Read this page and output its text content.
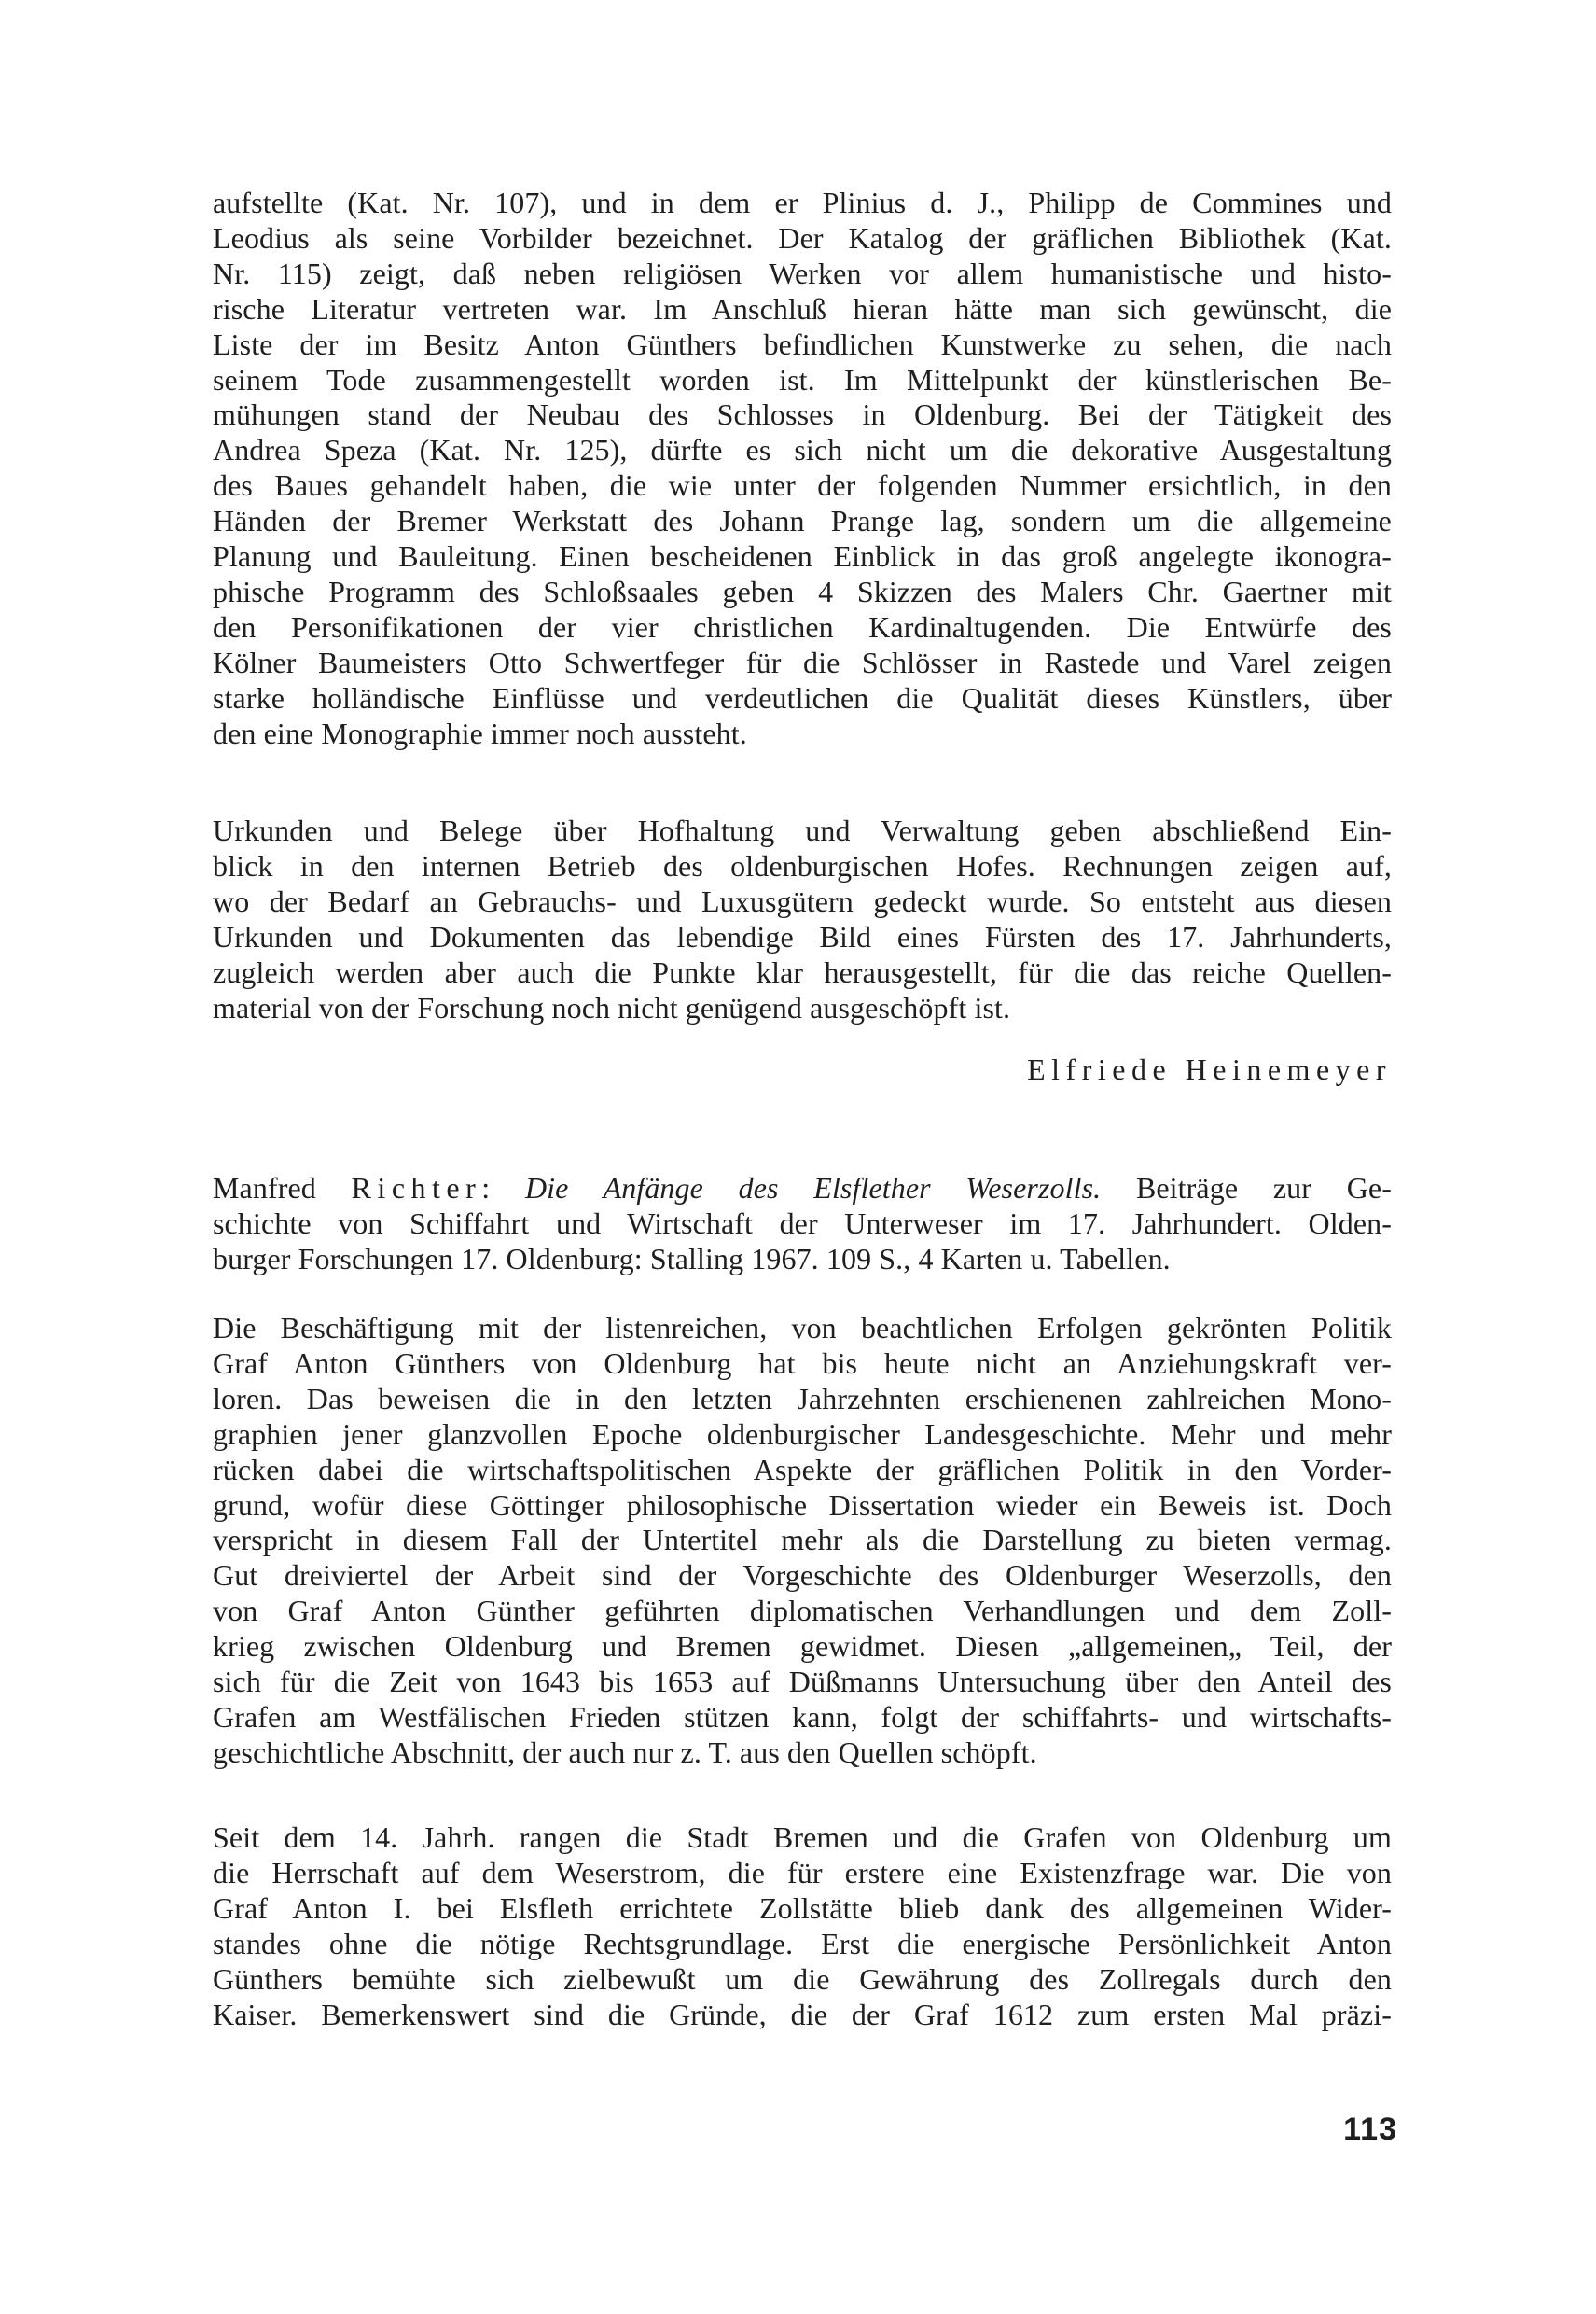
aufstellte (Kat. Nr. 107), und in dem er Plinius d. J., Philipp de Commines und
Leodius als seine Vorbilder bezeichnet. Der Katalog der gräflichen Bibliothek (Kat.
Nr. 115) zeigt, daß neben religiösen Werken vor allem humanistische und histo-
rische Literatur vertreten war. Im Anschluß hieran hätte man sich gewünscht, die
Liste der im Besitz Anton Günthers befindlichen Kunstwerke zu sehen, die nach
seinem Tode zusammengestellt worden ist. Im Mittelpunkt der künstlerischen Be-
mühungen stand der Neubau des Schlosses in Oldenburg. Bei der Tätigkeit des
Andrea Speza (Kat. Nr. 125), dürfte es sich nicht um die dekorative Ausgestaltung
des Baues gehandelt haben, die wie unter der folgenden Nummer ersichtlich, in den
Händen der Bremer Werkstatt des Johann Prange lag, sondern um die allgemeine
Planung und Bauleitung. Einen bescheidenen Einblick in das groß angelegte ikonogra-
phische Programm des Schloßsaales geben 4 Skizzen des Malers Chr. Gaertner mit
den Personifikationen der vier christlichen Kardinaltugenden. Die Entwürfe des
Kölner Baumeisters Otto Schwertfeger für die Schlösser in Rastede und Varel zeigen
starke holländische Einflüsse und verdeutlichen die Qualität dieses Künstlers, über
den eine Monographie immer noch aussteht.

Urkunden und Belege über Hofhaltung und Verwaltung geben abschließend Ein-
blick in den internen Betrieb des oldenburgischen Hofes. Rechnungen zeigen auf,
wo der Bedarf an Gebrauchs- und Luxusgütern gedeckt wurde. So entsteht aus diesen
Urkunden und Dokumenten das lebendige Bild eines Fürsten des 17. Jahrhunderts,
zugleich werden aber auch die Punkte klar herausgestellt, für die das reiche Quellen-
material von der Forschung noch nicht genügend ausgeschöpft ist.

Elfriede Heinemeyer

Manfred Richter: Die Anfänge des Elsflether Weserzolls. Beiträge zur Ge-
schichte von Schiffahrt und Wirtschaft der Unterweser im 17. Jahrhundert. Olden-
burger Forschungen 17. Oldenburg: Stalling 1967. 109 S., 4 Karten u. Tabellen.

Die Beschäftigung mit der listenreichen, von beachtlichen Erfolgen gekrönten Politik
Graf Anton Günthers von Oldenburg hat bis heute nicht an Anziehungskraft ver-
loren. Das beweisen die in den letzten Jahrzehnten erschienenen zahlreichen Mono-
graphien jener glanzvollen Epoche oldenburgischer Landesgeschichte. Mehr und mehr
rücken dabei die wirtschaftspolitischen Aspekte der gräflichen Politik in den Vorder-
grund, wofür diese Göttinger philosophische Dissertation wieder ein Beweis ist. Doch
verspricht in diesem Fall der Untertitel mehr als die Darstellung zu bieten vermag.
Gut dreiviertel der Arbeit sind der Vorgeschichte des Oldenburger Weserzolls, den
von Graf Anton Günther geführten diplomatischen Verhandlungen und dem Zoll-
krieg zwischen Oldenburg und Bremen gewidmet. Diesen „allgemeinen„ Teil, der
sich für die Zeit von 1643 bis 1653 auf Düßmanns Untersuchung über den Anteil des
Grafen am Westfälischen Frieden stützen kann, folgt der schiffahrts- und wirtschafts-
geschichtliche Abschnitt, der auch nur z. T. aus den Quellen schöpft.

Seit dem 14. Jahrh. rangen die Stadt Bremen und die Grafen von Oldenburg um
die Herrschaft auf dem Weserstrom, die für erstere eine Existenzfrage war. Die von
Graf Anton I. bei Elsfleth errichtete Zollstätte blieb dank des allgemeinen Wider-
standes ohne die nötige Rechtsgrundlage. Erst die energische Persönlichkeit Anton
Günthers bemühte sich zielbewußt um die Gewährung des Zollregals durch den
Kaiser. Bemerkenswert sind die Gründe, die der Graf 1612 zum ersten Mal präzi-

113
